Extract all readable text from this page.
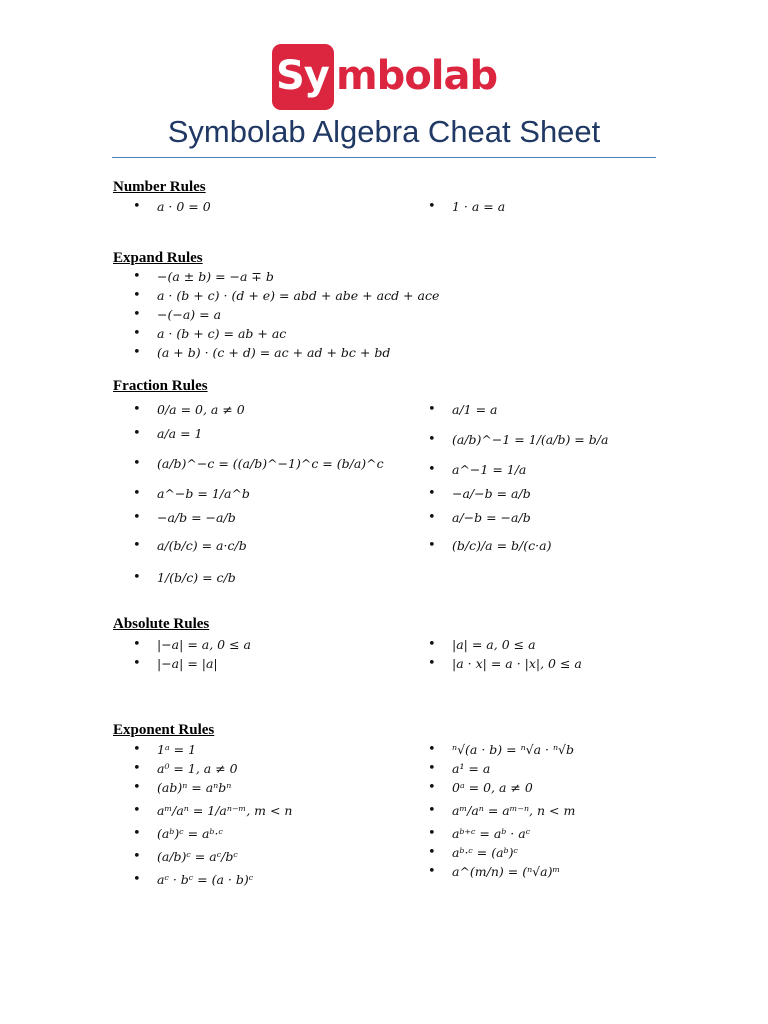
Sy mbolab
Symbolab Algebra Cheat Sheet
Number Rules
• a · 0 = 0
•	1 · a = a
Expand Rules
• −(a ± b) = −a ∓ b
• a · (b + c) · (d + e) = abd + abe + acd + ace
• −(−a) = a
• a · (b + c) = ab + ac
• (a + b) · (c + d) = ac + ad + bc + bd
Fraction Rules
• 0/a = 0, a ≠ 0
• a/a = 1
• (a/b)^−c = ((a/b)^−1)^c = (b/a)^c
• a^−b = 1/a^b
• −a/b = −a/b
• a/(b/c) = a·c/b
• 1/(b/c) = c/b
• a/1 = a
• (a/b)^−1 = 1/(a/b) = b/a
• a^−1 = 1/a
• −a/−b = a/b
• a/−b = −a/b
• (b/c)/a = b/(c·a)
Absolute Rules
• |−a| = a, 0 ≤ a
• |−a| = |a|
• |a| = a, 0 ≤ a
• |a · x| = a · |x|, 0 ≤ a
Exponent Rules
• 1ᵃ = 1
• a⁰ = 1, a ≠ 0
• (ab)ⁿ = aⁿbⁿ
• aᵐ/aⁿ = 1/aⁿ⁻ᵐ, m < n
• (aᵇ)ᶜ = aᵇ·ᶜ
• (a/b)ᶜ = aᶜ/bᶜ
• aᶜ · bᶜ = (a · b)ᶜ
• ⁿ√(a · b) = ⁿ√a · ⁿ√b
• a¹ = a
• 0ᵃ = 0, a ≠ 0
• aᵐ/aⁿ = aᵐ⁻ⁿ, n < m
• aᵇ⁺ᶜ = aᵇ · aᶜ
• aᵇ·ᶜ = (aᵇ)ᶜ
• a^(m/n) = (ⁿ√a)ᵐ
